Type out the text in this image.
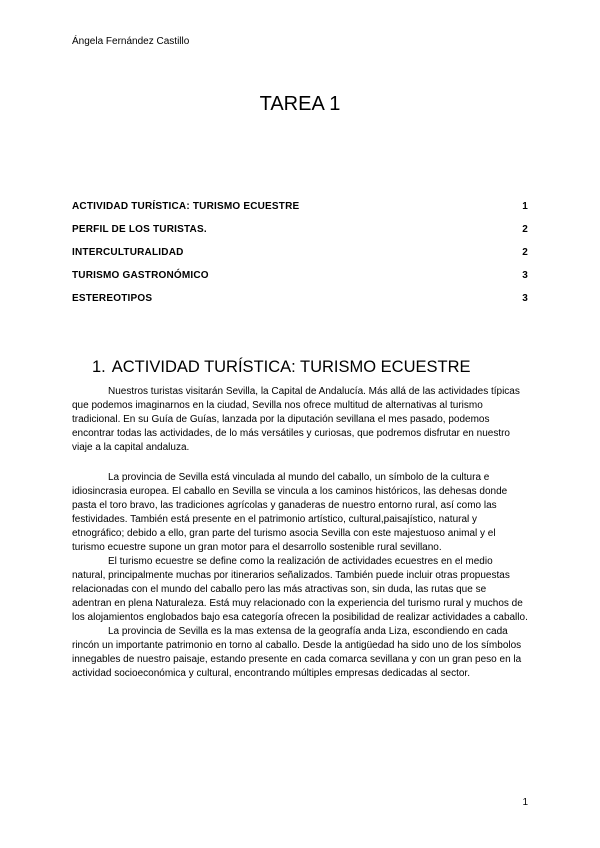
Ángela Fernández Castillo
TAREA 1
ACTIVIDAD TURÍSTICA: TURISMO ECUESTRE	1
PERFIL DE LOS TURISTAS.	2
INTERCULTURALIDAD	2
TURISMO GASTRONÓMICO	3
ESTEREOTIPOS	3
1. ACTIVIDAD TURÍSTICA: TURISMO ECUESTRE

Nuestros turistas visitarán Sevilla, la Capital de Andalucía. Más allá de las actividades típicas que podemos imaginarnos en la ciudad, Sevilla nos ofrece multitud de alternativas al turismo tradicional. En su Guía de Guías, lanzada por la diputación sevillana el mes pasado, podemos encontrar todas las actividades, de lo más versátiles y curiosas, que podremos disfrutar en nuestro viaje a la capital andaluza.

La provincia de Sevilla está vinculada al mundo del caballo, un símbolo de la cultura e idiosincrasia europea. El caballo en Sevilla se vincula a los caminos históricos, las dehesas donde pasta el toro bravo, las tradiciones agrícolas y ganaderas de nuestro entorno rural, así como las festividades. También está presente en el patrimonio artístico, cultural,paisajístico, natural y etnográfico; debido a ello, gran parte del turismo asocia Sevilla con este majestuoso animal y el turismo ecuestre supone un gran motor para el desarrollo sostenible rural sevillano.

El turismo ecuestre se define como la realización de actividades ecuestres en el medio natural, principalmente muchas por itinerarios señalizados. También puede incluir otras propuestas relacionadas con el mundo del caballo pero las más atractivas son, sin duda, las rutas que se adentran en plena Naturaleza. Está muy relacionado con la experiencia del turismo rural y muchos de los alojamientos englobados bajo esa categoría ofrecen la posibilidad de realizar actividades a caballo.

La provincia de Sevilla es la mas extensa de la geografía anda Liza, escondiendo en cada rincón un importante patrimonio en torno al caballo. Desde la antigüedad ha sido uno de los símbolos innegables de nuestro paisaje, estando presente en cada comarca sevillana y con un gran peso en la actividad socioeconómica y cultural, encontrando múltiples empresas dedicadas al sector.

1
